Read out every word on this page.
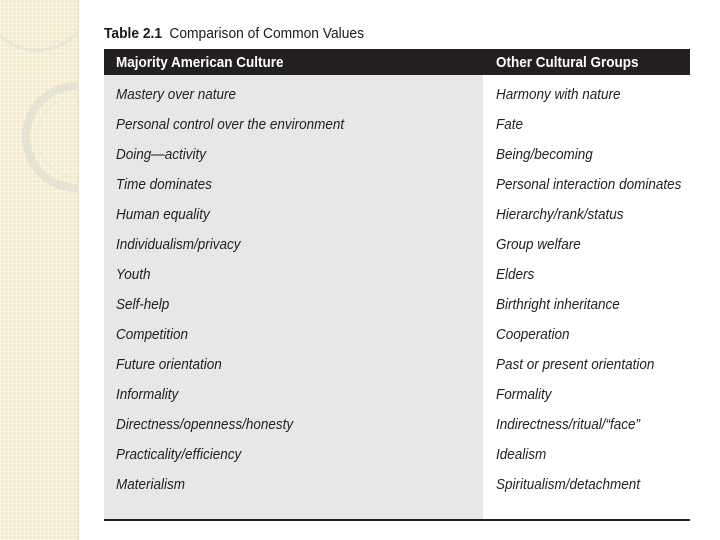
Table 2.1 Comparison of Common Values
Majority American Culture	Other Cultural Groups
Mastery over nature	Harmony with nature
Personal control over the environment	Fate
Doing—activity	Being/becoming
Time dominates	Personal interaction dominates
Human equality	Hierarchy/rank/status
Individualism/privacy	Group welfare
Youth	Elders
Self-help	Birthright inheritance
Competition	Cooperation
Future orientation	Past or present orientation
Informality	Formality
Directness/openness/honesty	Indirectness/ritual/“face”
Practicality/efficiency	Idealism
Materialism	Spiritualism/detachment
